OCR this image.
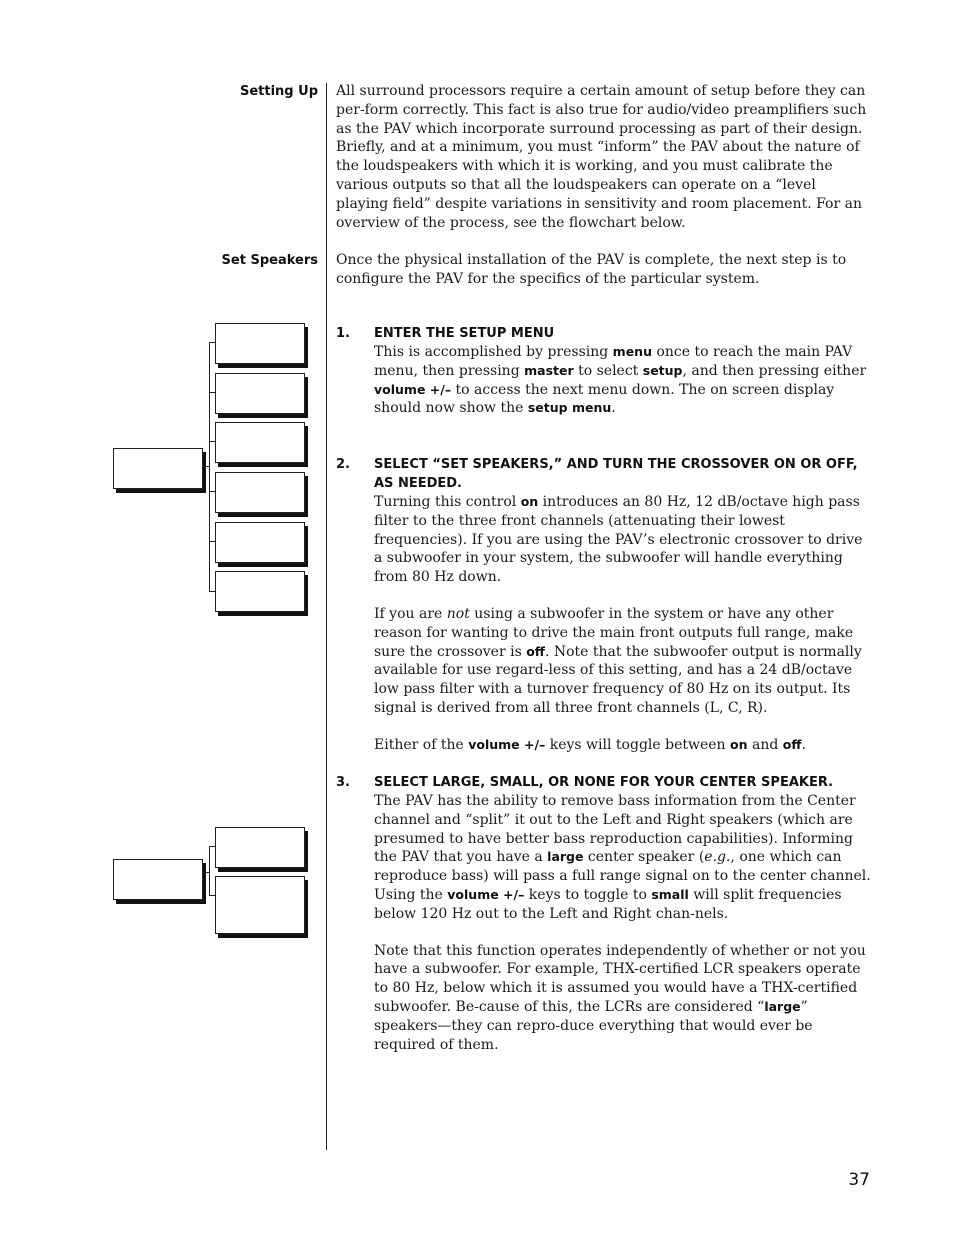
Setting Up All surround processors require a certain amount of setup before they can per-form correctly. This fact is also true for audio/video preamplifiers such as the PAV which incorporate surround processing as part of their design. Briefly, and at a minimum, you must “inform” the PAV about the nature of the loudspeakers with which it is working, and you must calibrate the various outputs so that all the loudspeakers can operate on a “level playing field” despite variations in sensitivity and room placement. For an overview of the process, see the flowchart below.

Set Speakers Once the physical installation of the PAV is complete, the next step is to configure the PAV for the specifics of the particular system.

1.	ENTER THE SETUP MENU

This is accomplished by pressing menu once to reach the main PAV menu, then pressing master to select setup, and then pressing either volume +/– to access the next menu down. The on screen display should now show the setup menu.

2.	SELECT “SET SPEAKERS,” AND TURN THE CROSSOVER ON OR OFF, AS NEEDED.

Turning this control on introduces an 80 Hz, 12 dB/octave high pass filter to the three front channels (attenuating their lowest frequencies). If you are using the PAV’s electronic crossover to drive a subwoofer in your system, the subwoofer will handle everything from 80 Hz down.

If you are not using a subwoofer in the system or have any other reason for wanting to drive the main front outputs full range, make sure the crossover is off. Note that the subwoofer output is normally available for use regard-less of this setting, and has a 24 dB/octave low pass filter with a turnover frequency of 80 Hz on its output. Its signal is derived from all three front channels (L, C, R).

Either of the volume +/– keys will toggle between on and off.

3.	SELECT LARGE, SMALL, OR NONE FOR YOUR CENTER SPEAKER.

The PAV has the ability to remove bass information from the Center channel and “split” it out to the Left and Right speakers (which are presumed to have better bass reproduction capabilities). Informing the PAV that you have a large center speaker (e.g., one which can reproduce bass) will pass a full range signal on to the center channel. Using the volume +/– keys to toggle to small will split frequencies below 120 Hz out to the Left and Right chan-nels.

Note that this function operates independently of whether or not you have a subwoofer. For example, THX-certified LCR speakers operate to 80 Hz, below which it is assumed you would have a THX-certified subwoofer. Be-cause of this, the LCRs are considered “large” speakers—they can repro-duce everything that would ever be required of them.

37
